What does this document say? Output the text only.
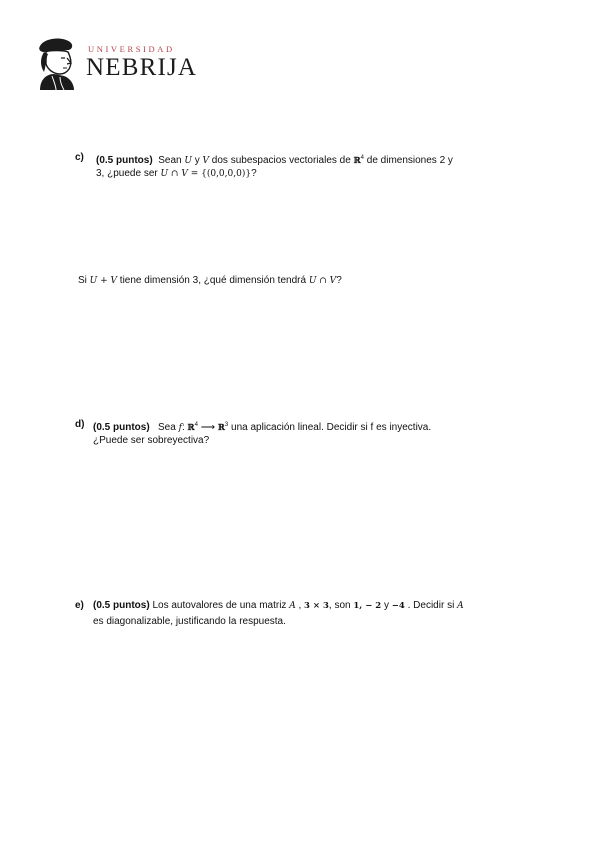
UNIVERSIDAD
NEBRIJA
c) (0.5 puntos) Sean U y V dos subespacios vectoriales de ℝ$^4$ de dimensiones 2 y
3, ¿puede ser U ∩ V = {(0,0,0,0)}?
Si U + V tiene dimensión 3, ¿qué dimensión tendrá U ∩ V?
d) (0.5 puntos) Sea f: ℝ$^4$ ⟶ ℝ$^3$ una aplicación lineal. Decidir si f es inyectiva.
¿Puede ser sobreyectiva?
e) (0.5 puntos) Los autovalores de una matriz A , 3 × 3, son 1, − 2 y −4 . Decidir si A
es diagonalizable, justificando la respuesta.
